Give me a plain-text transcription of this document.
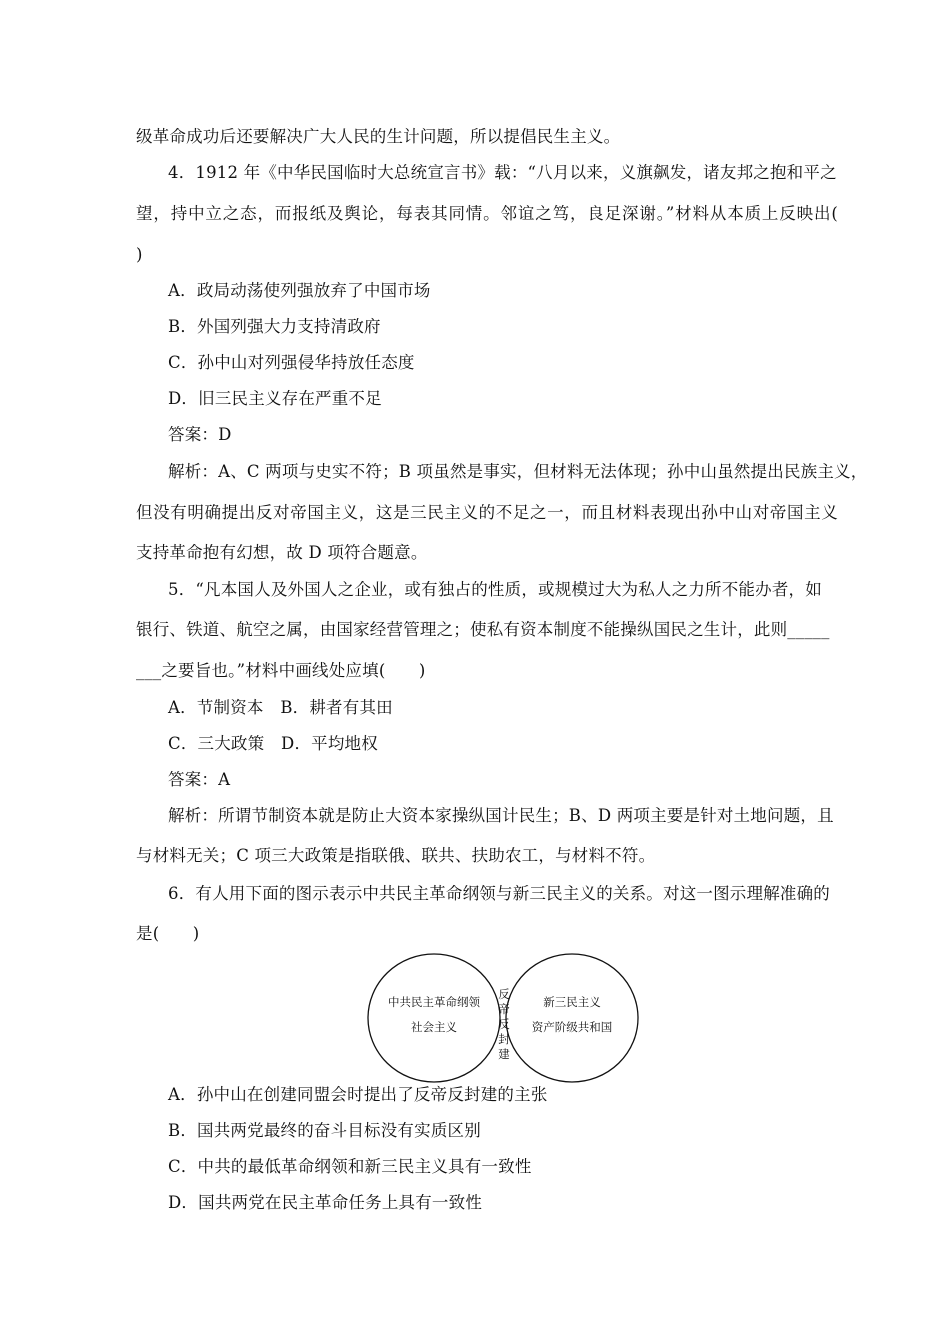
级革命成功后还要解决广大人民的生计问题，所以提倡民生主义。
4．1912 年《中华民国临时大总统宣言书》载：“八月以来，义旗飙发，诸友邦之抱和平之
望，持中立之态，而报纸及舆论，每表其同情。邻谊之笃，良足深谢。”材料从本质上反映出(
)
A．政局动荡使列强放弃了中国市场
B．外国列强大力支持清政府
C．孙中山对列强侵华持放任态度
D．旧三民主义存在严重不足
答案：D
解析：A、C 两项与史实不符；B 项虽然是事实，但材料无法体现；孙中山虽然提出民族主义，
但没有明确提出反对帝国主义，这是三民主义的不足之一，而且材料表现出孙中山对帝国主义
支持革命抱有幻想，故 D 项符合题意。
5．“凡本国人及外国人之企业，或有独占的性质，或规模过大为私人之力所不能办者，如
银行、铁道、航空之属，由国家经营管理之；使私有资本制度不能操纵国民之生计，此则_____
___之要旨也。”材料中画线处应填(　　)
A．节制资本　B．耕者有其田
C．三大政策　D．平均地权
答案：A
解析：所谓节制资本就是防止大资本家操纵国计民生；B、D 两项主要是针对土地问题，且
与材料无关；C 项三大政策是指联俄、联共、扶助农工，与材料不符。
6．有人用下面的图示表示中共民主革命纲领与新三民主义的关系。对这一图示理解准确的
是(　　)
中共民主革命纲领
社会主义
新三民主义
资产阶级共和国
反
帝
反
封
建
A．孙中山在创建同盟会时提出了反帝反封建的主张
B．国共两党最终的奋斗目标没有实质区别
C．中共的最低革命纲领和新三民主义具有一致性
D．国共两党在民主革命任务上具有一致性
